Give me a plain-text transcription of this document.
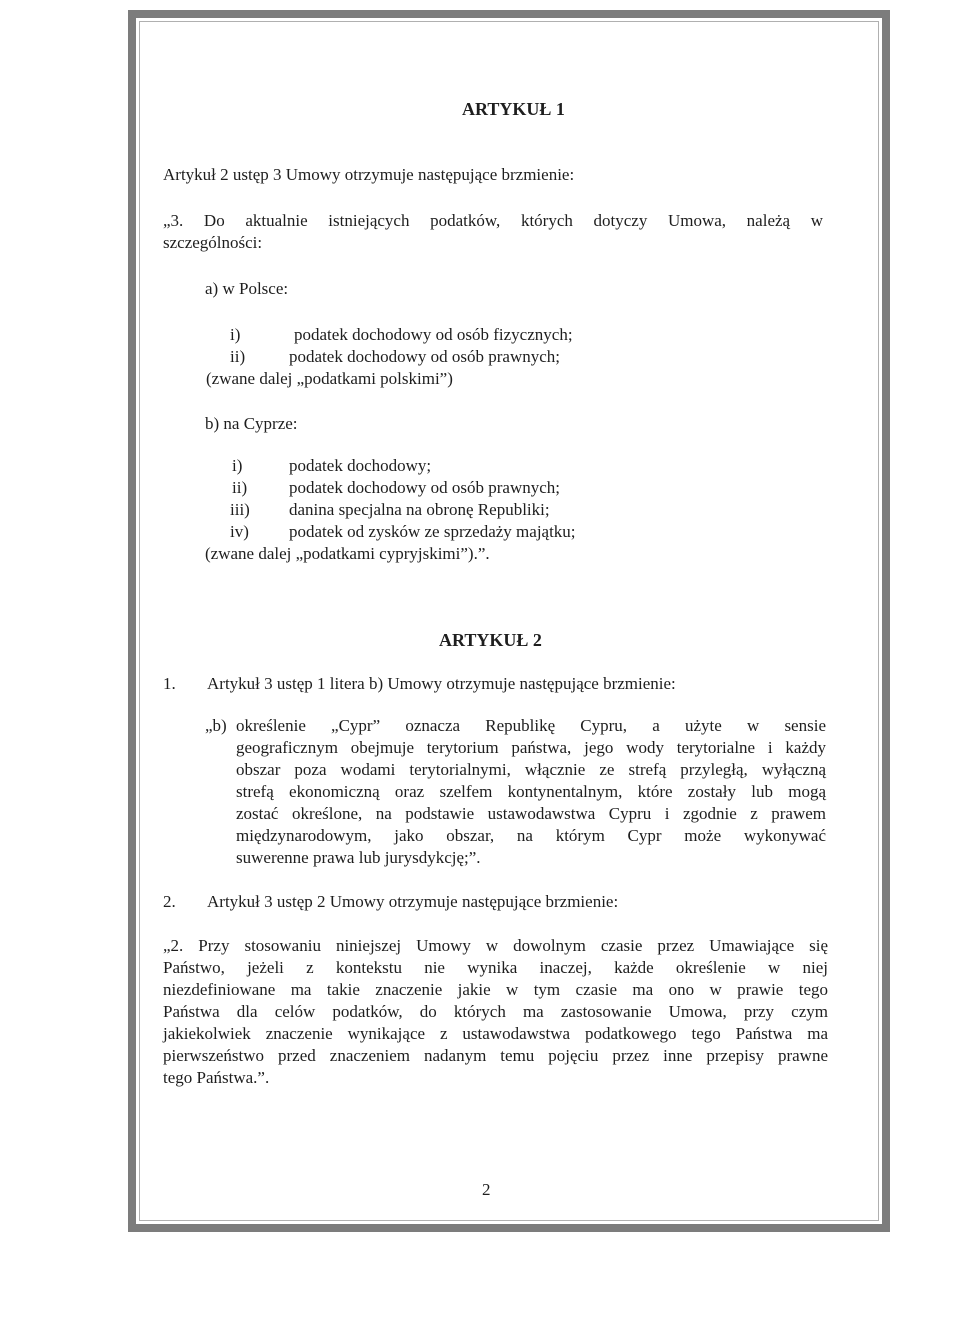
ARTYKUŁ 1
Artykuł 2 ustęp 3 Umowy otrzymuje następujące brzmienie:
„3. Do aktualnie istniejących podatków, których dotyczy Umowa, należą w
szczególności:
a) w Polsce:
i)	podatek dochodowy od osób fizycznych;
ii)	podatek dochodowy od osób prawnych;
(zwane dalej „podatkami polskimi”)
b) na Cyprze:
i)	podatek dochodowy;
ii)	podatek dochodowy od osób prawnych;
iii)	danina specjalna na obronę Republiki;
iv)	podatek od zysków ze sprzedaży majątku;
(zwane dalej „podatkami cypryjskimi”).”.
ARTYKUŁ 2
1. Artykuł 3 ustęp 1 litera b) Umowy otrzymuje następujące brzmienie:
„b) określenie „Cypr” oznacza Republikę Cypru, a użyte w sensie
geograficznym obejmuje terytorium państwa, jego wody terytorialne i każdy
obszar poza wodami terytorialnymi, włącznie ze strefą przyległą, wyłączną
strefą ekonomiczną oraz szelfem kontynentalnym, które zostały lub mogą
zostać określone, na podstawie ustawodawstwa Cypru i zgodnie z prawem
międzynarodowym, jako obszar, na którym Cypr może wykonywać
suwerenne prawa lub jurysdykcję;”.
2. Artykuł 3 ustęp 2 Umowy otrzymuje następujące brzmienie:
„2. Przy stosowaniu niniejszej Umowy w dowolnym czasie przez Umawiające się
Państwo, jeżeli z kontekstu nie wynika inaczej, każde określenie w niej
niezdefiniowane ma takie znaczenie jakie w tym czasie ma ono w prawie tego
Państwa dla celów podatków, do których ma zastosowanie Umowa, przy czym
jakiekolwiek znaczenie wynikające z ustawodawstwa podatkowego tego Państwa ma
pierwszeństwo przed znaczeniem nadanym temu pojęciu przez inne przepisy prawne
tego Państwa.”.
2
